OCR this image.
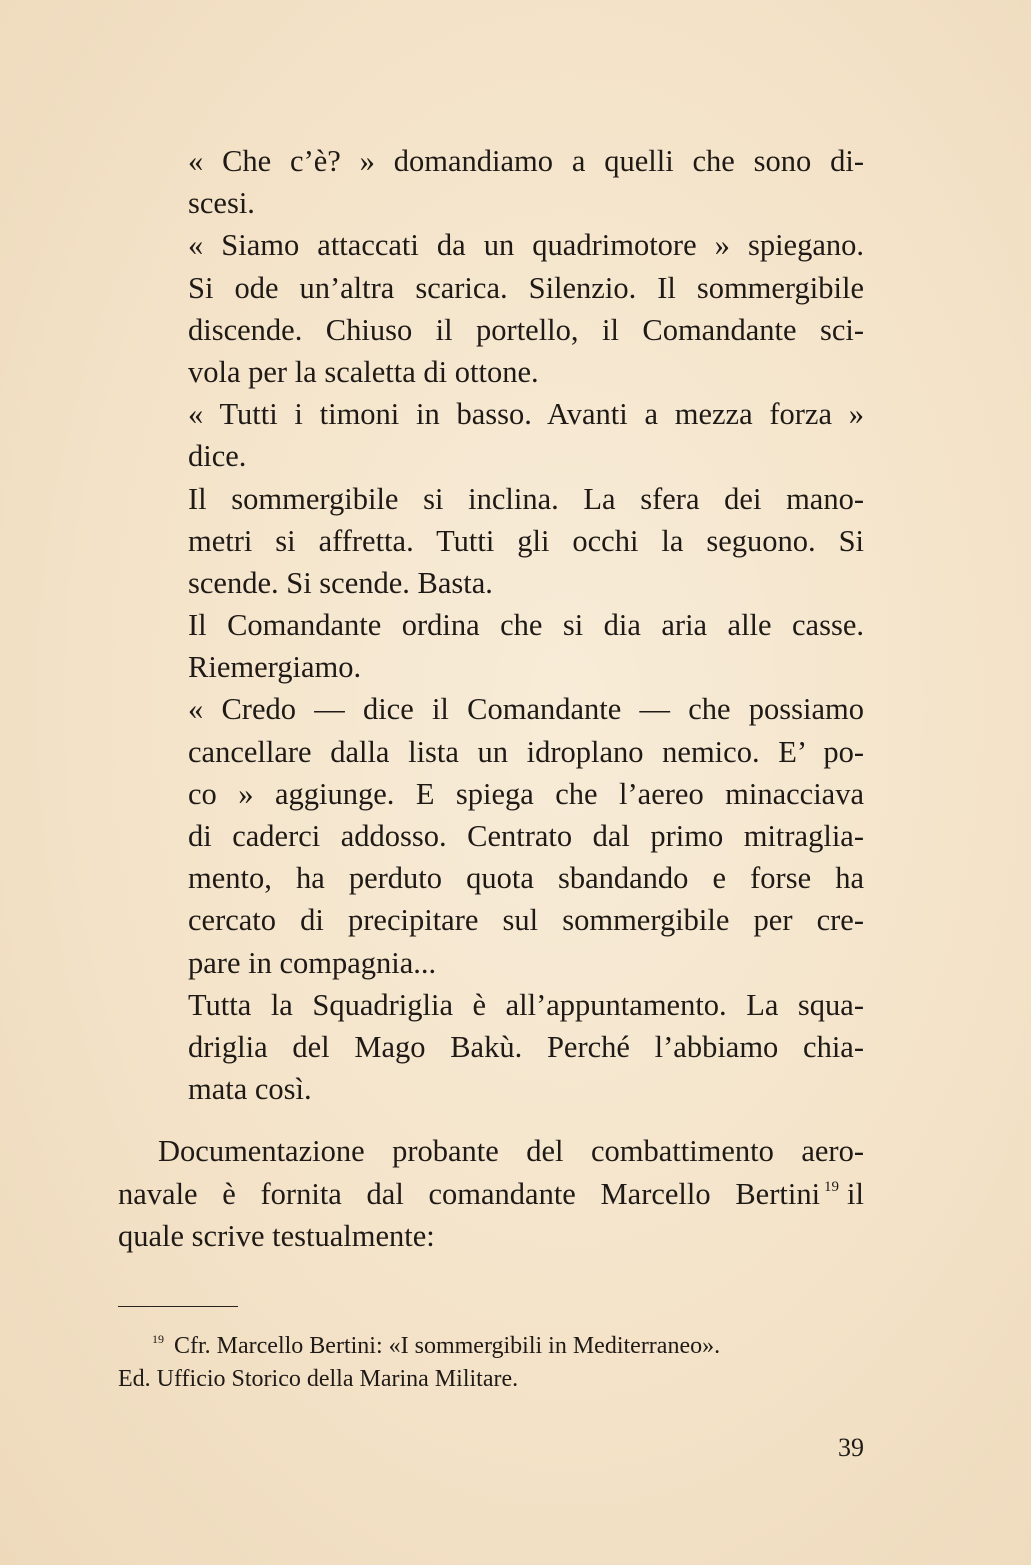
« Che c’è? » domandiamo a quelli che sono di-
scesi.
« Siamo attaccati da un quadrimotore » spiegano.
Si ode un’altra scarica. Silenzio. Il sommergibile
discende. Chiuso il portello, il Comandante sci-
vola per la scaletta di ottone.
« Tutti i timoni in basso. Avanti a mezza forza »
dice.
Il sommergibile si inclina. La sfera dei mano-
metri si affretta. Tutti gli occhi la seguono. Si
scende. Si scende. Basta.
Il Comandante ordina che si dia aria alle casse.
Riemergiamo.
« Credo — dice il Comandante — che possiamo
cancellare dalla lista un idroplano nemico. E’ po-
co » aggiunge. E spiega che l’aereo minacciava
di caderci addosso. Centrato dal primo mitraglia-
mento, ha perduto quota sbandando e forse ha
cercato di precipitare sul sommergibile per cre-
pare in compagnia...
Tutta la Squadriglia è all’appuntamento. La squa-
driglia del Mago Bakù. Perché l’abbiamo chia-
mata così.
Documentazione probante del combattimento aero-
navale è fornita dal comandante Marcello Bertini $^{19}$ il
quale scrive testualmente:
$^{19}$ Cfr. Marcello Bertini: «I sommergibili in Mediterraneo».
Ed. Ufficio Storico della Marina Militare.
39
